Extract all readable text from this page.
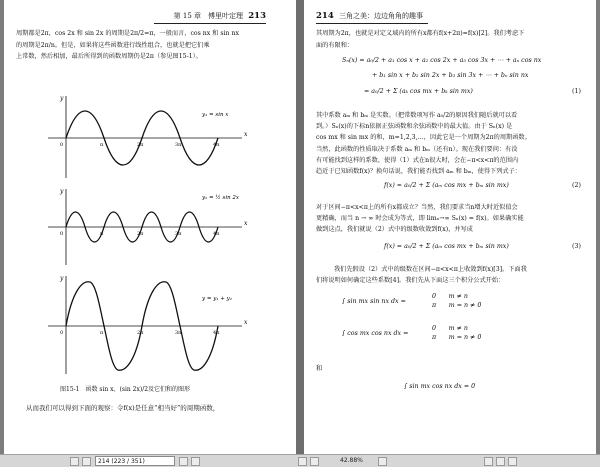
第 15 章　傅里叶定理 213
周期都是2π，cos 2x 和 sin 2x 的周期是2π/2=π，一般而言，cos nx 和 sin nx
的周期是2π/n。但是，如果将这些函数进行线性组合，也就是把它们乘
上常数，然后相加，最后所得到的函数周期仍是2π（参见图15-1）。
y
x
0	π	2π	3π	4π
y₁ = sin x
y
x
0	π	2π	3π	4π
y₂ = ½ sin 2x
y
x
0	π	2π	3π	4π
y = y₁ + y₂
图15-1　函数 sin x、(sin 2x)/2及它们和的图形
从而我们可以得到下面的观察：令f(x)是任意“相当好”的周期函数，
214 三角之美：边边角角的趣事
其周期为2π，也就是对定义域内的所有x都有f(x+2π)=f(x)[2]。我们考虑下
面的有限和：
Sₙ(x) = a₀/2 + a₁ cos x + a₂ cos 2x + a₃ cos 3x + ⋯ + aₙ cos nx
+ b₁ sin x + b₂ sin 2x + b₃ sin 3x + ⋯ + bₙ sin nx
= a₀/2 + Σ (aₖ cos mx + bₖ sin mx)	(1)
其中系数 aₘ 和 bₘ 是实数。（把常数项写作 a₀/2的原因我们随后就可以看
到。）Sₙ(x)的下标n依据正弦函数和余弦函数中的最大值。由于 Sₙ(x) 是
cos mx 和 sin mx 的和，m=1,2,3,…，因此它是一个周期为2π的周期函数。
当然，此函数的性质取决于系数 aₘ 和 bₘ（还有n）。现在我们要问：有没
有可能找到这样的系数，使得（1）式在n很大时，会在−π<x<π的范围内
趋近于已知函数f(x)？换句话说，我们能否找到 aₘ 和 bₘ，使得下列式子：
f(x) ≈ a₀/2 + Σ (aₘ cos mx + bₘ sin mx)	(2)
对于区间−π<x<π上的所有x都成立？当然，我们要求当n增大时近似值会
更精确，而当 n → ∞ 时会成为等式，即 limₙ→∞ Sₙ(x) = f(x)。如果确实能
做到这点，我们就说（2）式中的级数收敛到f(x)，并写成
f(x) = a₀/2 + Σ (aₘ cos mx + bₘ sin mx)	(3)
我们先假设（2）式中的级数在区间−π<x<π上收敛到f(x)[3]。下面我
们将说明如何确定这些系数[4]。我们先从下面这三个积分公式开始：
∫ sin mx sin nx dx =
0　　m ≠ n
π　　m = n ≠ 0
∫ cos mx cos nx dx =
0　　m ≠ n
π　　m = n ≠ 0
和
∫ sin mx cos nx dx = 0
214 (223 / 351)	42.88%
